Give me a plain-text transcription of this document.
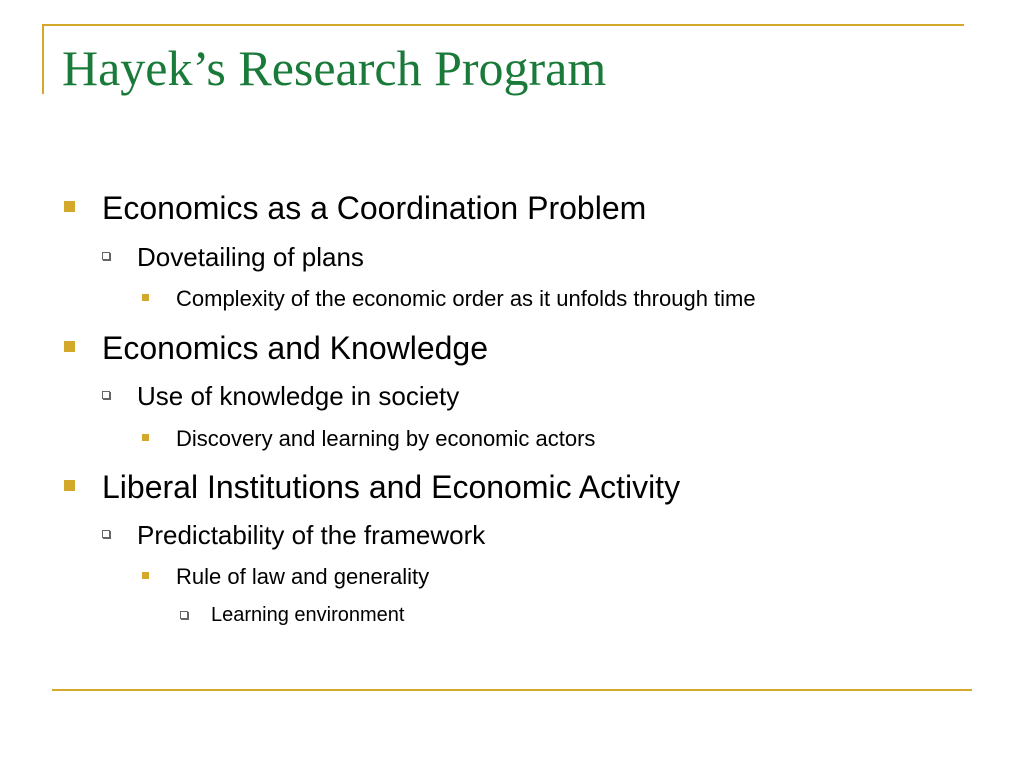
Hayek’s Research Program
Economics as a Coordination Problem
Dovetailing of plans
Complexity of the economic order as it unfolds through time
Economics and Knowledge
Use of knowledge in society
Discovery and learning by economic actors
Liberal Institutions and Economic Activity
Predictability of the framework
Rule of law and generality
Learning environment
